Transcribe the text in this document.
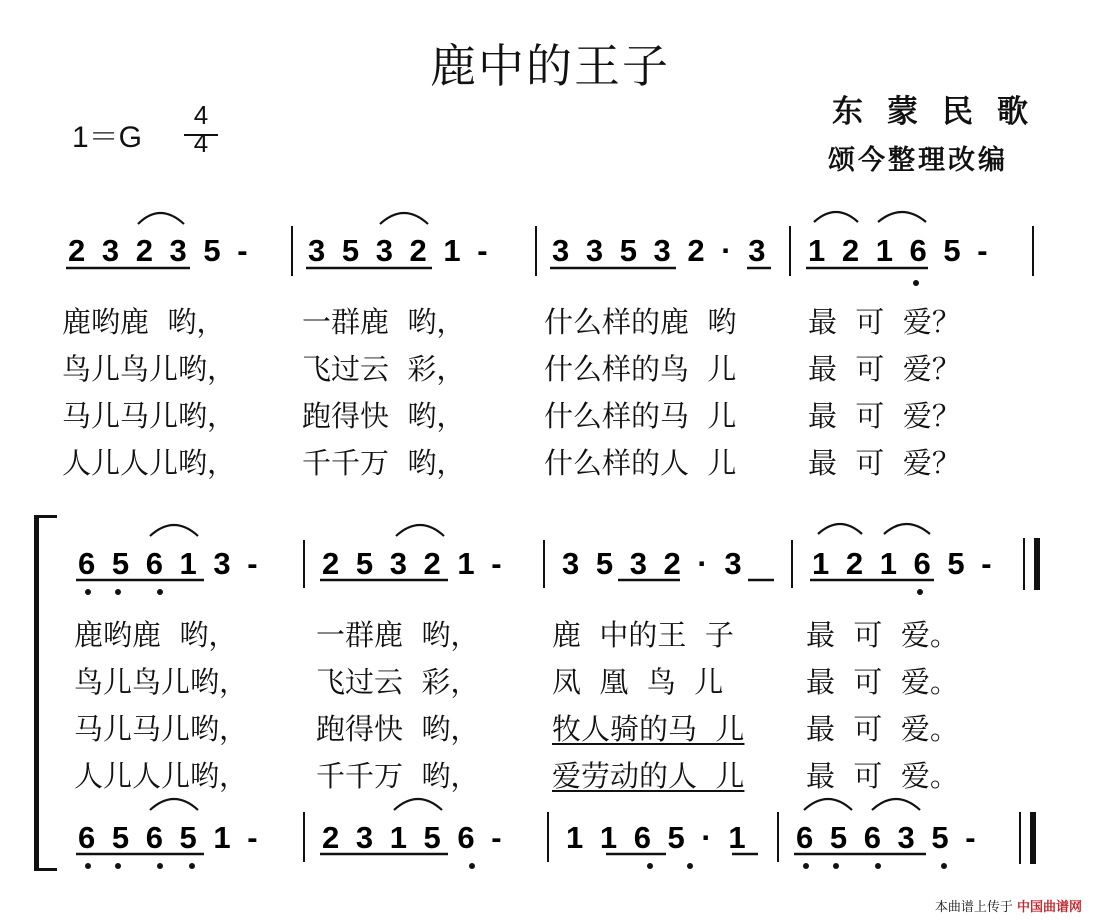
鹿中的王子
1＝G
4
4
东蒙民歌
颂今整理改编
2 3 2 3 5 - 3 5 3 2 1 - 3 3 5 3 2 · 3 1 2 1 6 5 -
鹿哟鹿  哟，	一群鹿  哟，	什么样的鹿  哟 最  可  爱？
鸟儿鸟儿哟， 飞过云  彩，	什么样的鸟  儿 最  可  爱？
马儿马儿哟， 跑得快  哟，	什么样的马  儿 最  可  爱？
人儿人儿哟， 千千万  哟，	什么样的人  儿 最  可  爱？
6 5 6 1 3 - 2 5 3 2 1 - 3 5 3 2 · 3 1 2 1 6 5 -
鹿哟鹿  哟，	一群鹿  哟，	鹿  中的王  子 最  可  爱。
鸟儿鸟儿哟， 飞过云  彩，	凤  凰  鸟  儿	最  可  爱。
马儿马儿哟， 跑得快  哟，	牧人骑的马  儿 最  可  爱。
人儿人儿哟， 千千万  哟，	爱劳动的人  儿 最  可  爱。
6 5 6 5 1 - 2 3 1 5 6 - 1 1 6 5 · 1 6 5 6 3 5 -
本曲谱上传于 中国曲谱网
